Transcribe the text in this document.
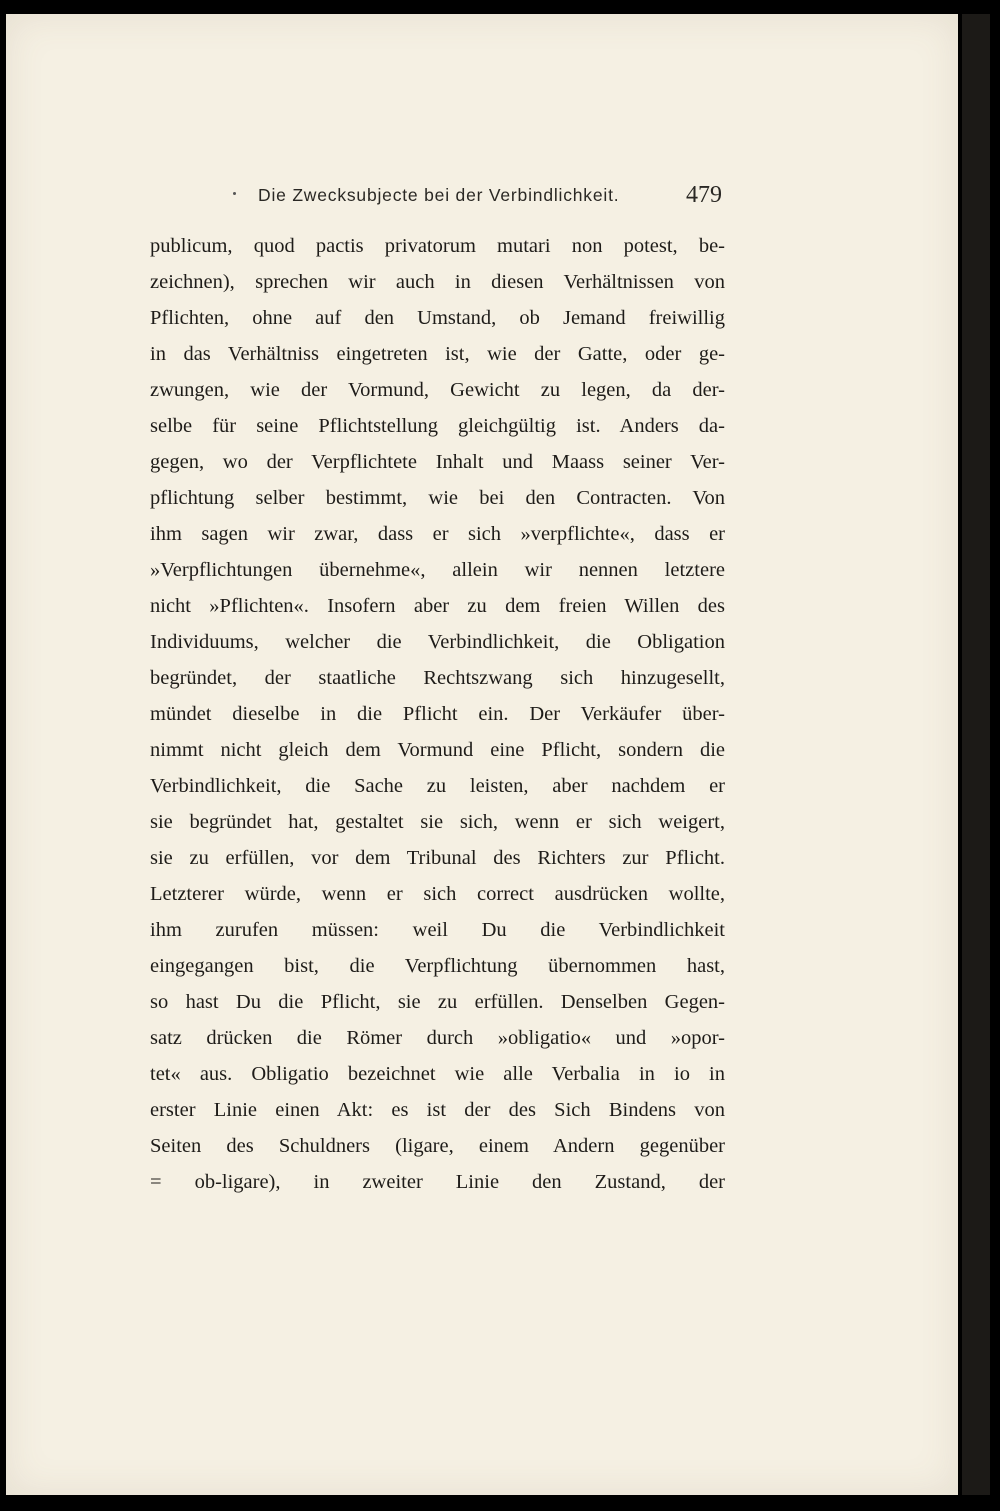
Die Zwecksubjecte bei der Verbindlichkeit.	479
publicum, quod pactis privatorum mutari non potest, be-
zeichnen), sprechen wir auch in diesen Verhältnissen von
Pflichten, ohne auf den Umstand, ob Jemand freiwillig
in das Verhältniss eingetreten ist, wie der Gatte, oder ge-
zwungen, wie der Vormund, Gewicht zu legen, da der-
selbe für seine Pflichtstellung gleichgültig ist. Anders da-
gegen, wo der Verpflichtete Inhalt und Maass seiner Ver-
pflichtung selber bestimmt, wie bei den Contracten. Von
ihm sagen wir zwar, dass er sich »verpflichte«, dass er
»Verpflichtungen übernehme«, allein wir nennen letztere
nicht »Pflichten«. Insofern aber zu dem freien Willen des
Individuums, welcher die Verbindlichkeit, die Obligation
begründet, der staatliche Rechtszwang sich hinzugesellt,
mündet dieselbe in die Pflicht ein. Der Verkäufer über-
nimmt nicht gleich dem Vormund eine Pflicht, sondern die
Verbindlichkeit, die Sache zu leisten, aber nachdem er
sie begründet hat, gestaltet sie sich, wenn er sich weigert,
sie zu erfüllen, vor dem Tribunal des Richters zur Pflicht.
Letzterer würde, wenn er sich correct ausdrücken wollte,
ihm zurufen müssen: weil Du die Verbindlichkeit
eingegangen bist, die Verpflichtung übernommen hast,
so hast Du die Pflicht, sie zu erfüllen. Denselben Gegen-
satz drücken die Römer durch »obligatio« und »opor-
tet« aus. Obligatio bezeichnet wie alle Verbalia in io in
erster Linie einen Akt: es ist der des Sich Bindens von
Seiten des Schuldners (ligare, einem Andern gegenüber
= ob-ligare), in zweiter Linie den Zustand, der
